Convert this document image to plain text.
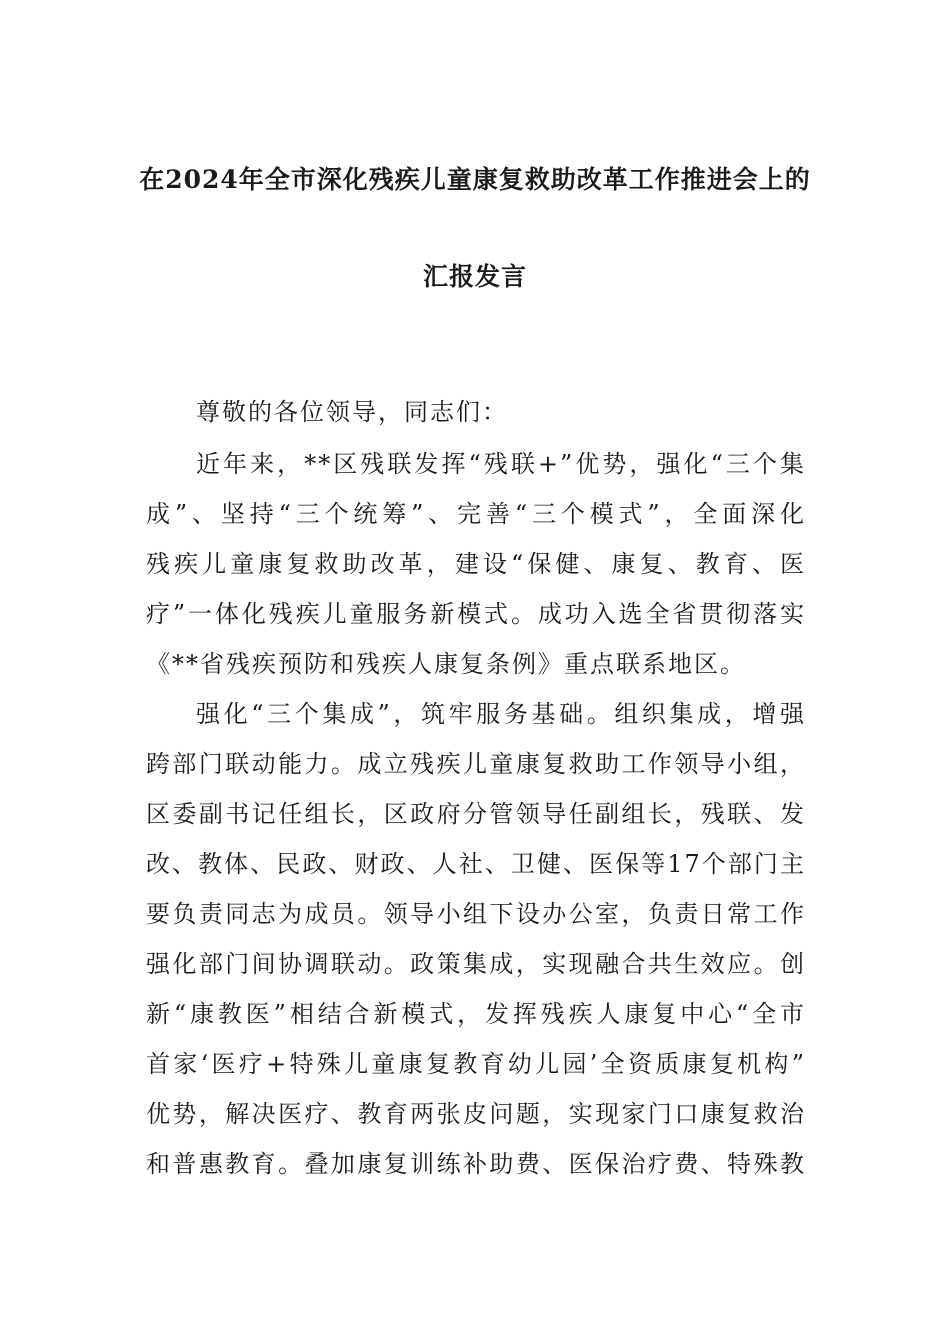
在2024年全市深化残疾儿童康复救助改革工作推进会上的
汇报发言
尊敬的各位领导，同志们：
近年来，**区残联发挥“残联+”优势，强化“三个集
成”、坚持“三个统筹”、完善“三个模式”，全面深化
残疾儿童康复救助改革，建设“保健、康复、教育、医
疗”一体化残疾儿童服务新模式。成功入选全省贯彻落实
《**省残疾预防和残疾人康复条例》重点联系地区。
强化“三个集成”，筑牢服务基础。组织集成，增强
跨部门联动能力。成立残疾儿童康复救助工作领导小组，
区委副书记任组长，区政府分管领导任副组长，残联、发
改、教体、民政、财政、人社、卫健、医保等17个部门主
要负责同志为成员。领导小组下设办公室，负责日常工作
强化部门间协调联动。政策集成，实现融合共生效应。创
新“康教医”相结合新模式，发挥残疾人康复中心“全市
首家‘医疗+特殊儿童康复教育幼儿园’全资质康复机构”
优势，解决医疗、教育两张皮问题，实现家门口康复救治
和普惠教育。叠加康复训练补助费、医保治疗费、特殊教
